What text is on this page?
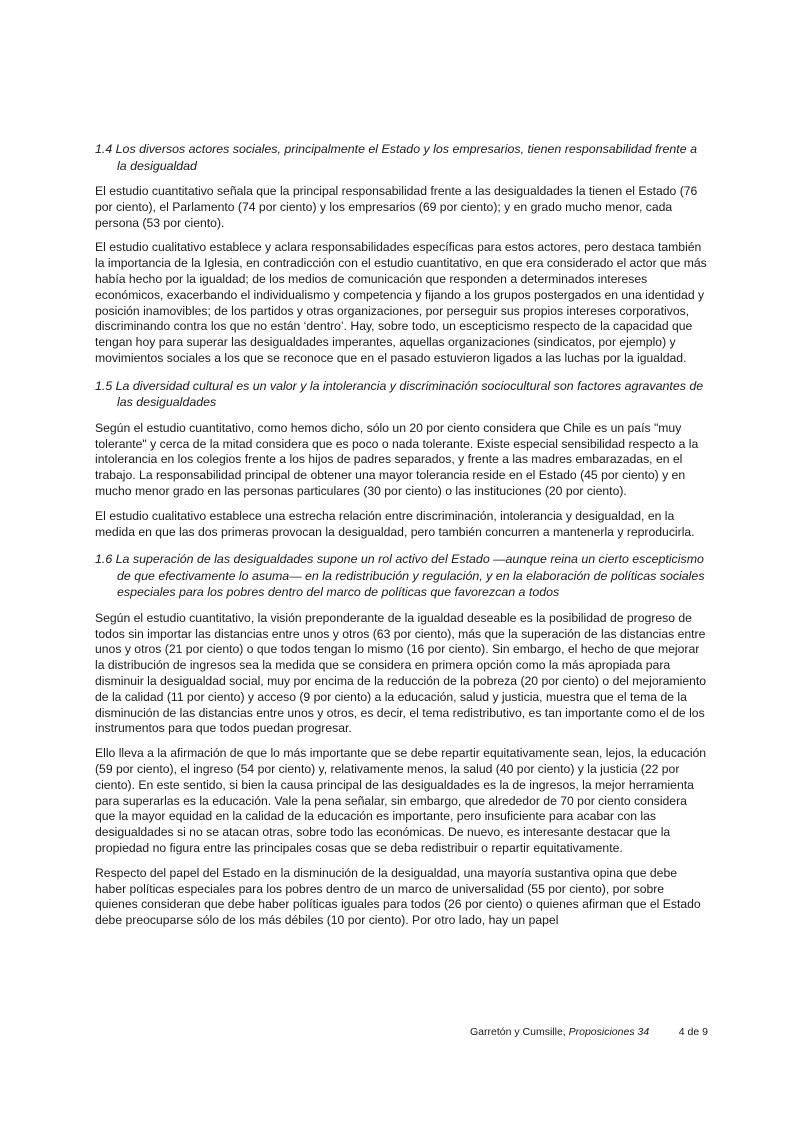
1.4 Los diversos actores sociales, principalmente el Estado y los empresarios, tienen responsabilidad frente a la desigualdad

El estudio cuantitativo señala que la principal responsabilidad frente a las desigualdades la tienen el Estado (76 por ciento), el Parlamento (74 por ciento) y los empresarios (69 por ciento); y en grado mucho menor, cada persona (53 por ciento).

El estudio cualitativo establece y aclara responsabilidades específicas para estos actores, pero destaca también la importancia de la Iglesia, en contradicción con el estudio cuantitativo, en que era considerado el actor que más había hecho por la igualdad; de los medios de comunicación que responden a determinados intereses económicos, exacerbando el individualismo y competencia y fijando a los grupos postergados en una identidad y posición inamovibles; de los partidos y otras organizaciones, por perseguir sus propios intereses corporativos, discriminando contra los que no están ‘dentro’. Hay, sobre todo, un escepticismo respecto de la capacidad que tengan hoy para superar las desigualdades imperantes, aquellas organizaciones (sindicatos, por ejemplo) y movimientos sociales a los que se reconoce que en el pasado estuvieron ligados a las luchas por la igualdad.

1.5 La diversidad cultural es un valor y la intolerancia y discriminación sociocultural son factores agravantes de las desigualdades

Según el estudio cuantitativo, como hemos dicho, sólo un 20 por ciento considera que Chile es un país "muy tolerante" y cerca de la mitad considera que es poco o nada tolerante. Existe especial sensibilidad respecto a la intolerancia en los colegios frente a los hijos de padres separados, y frente a las madres embarazadas, en el trabajo. La responsabilidad principal de obtener una mayor tolerancia reside en el Estado (45 por ciento) y en mucho menor grado en las personas particulares (30 por ciento) o las instituciones (20 por ciento).

El estudio cualitativo establece una estrecha relación entre discriminación, intolerancia y desigualdad, en la medida en que las dos primeras provocan la desigualdad, pero también concurren a mantenerla y reproducirla.

1.6 La superación de las desigualdades supone un rol activo del Estado —aunque reina un cierto escepticismo de que efectivamente lo asuma— en la redistribución y regulación, y en la elaboración de políticas sociales especiales para los pobres dentro del marco de políticas que favorezcan a todos

Según el estudio cuantitativo, la visión preponderante de la igualdad deseable es la posibilidad de progreso de todos sin importar las distancias entre unos y otros (63 por ciento), más que la superación de las distancias entre unos y otros (21 por ciento) o que todos tengan lo mismo (16 por ciento). Sin embargo, el hecho de que mejorar la distribución de ingresos sea la medida que se considera en primera opción como la más apropiada para disminuir la desigualdad social, muy por encima de la reducción de la pobreza (20 por ciento) o del mejoramiento de la calidad (11 por ciento) y acceso (9 por ciento) a la educación, salud y justicia, muestra que el tema de la disminución de las distancias entre unos y otros, es decir, el tema redistributivo, es tan importante como el de los instrumentos para que todos puedan progresar.

Ello lleva a la afirmación de que lo más importante que se debe repartir equitativamente sean, lejos, la educación (59 por ciento), el ingreso (54 por ciento) y, relativamente menos, la salud (40 por ciento) y la justicia (22 por ciento). En este sentido, si bien la causa principal de las desigualdades es la de ingresos, la mejor herramienta para superarlas es la educación. Vale la pena señalar, sin embargo, que alrededor de 70 por ciento considera que la mayor equidad en la calidad de la educación es importante, pero insuficiente para acabar con las desigualdades si no se atacan otras, sobre todo las económicas. De nuevo, es interesante destacar que la propiedad no figura entre las principales cosas que se deba redistribuir o repartir equitativamente.

Respecto del papel del Estado en la disminución de la desigualdad, una mayoría sustantiva opina que debe haber políticas especiales para los pobres dentro de un marco de universalidad (55 por ciento), por sobre quienes consideran que debe haber políticas iguales para todos (26 por ciento) o quienes afirman que el Estado debe preocuparse sólo de los más débiles (10 por ciento). Por otro lado, hay un papel

Garretón y Cumsille, Proposiciones 34	4 de 9
